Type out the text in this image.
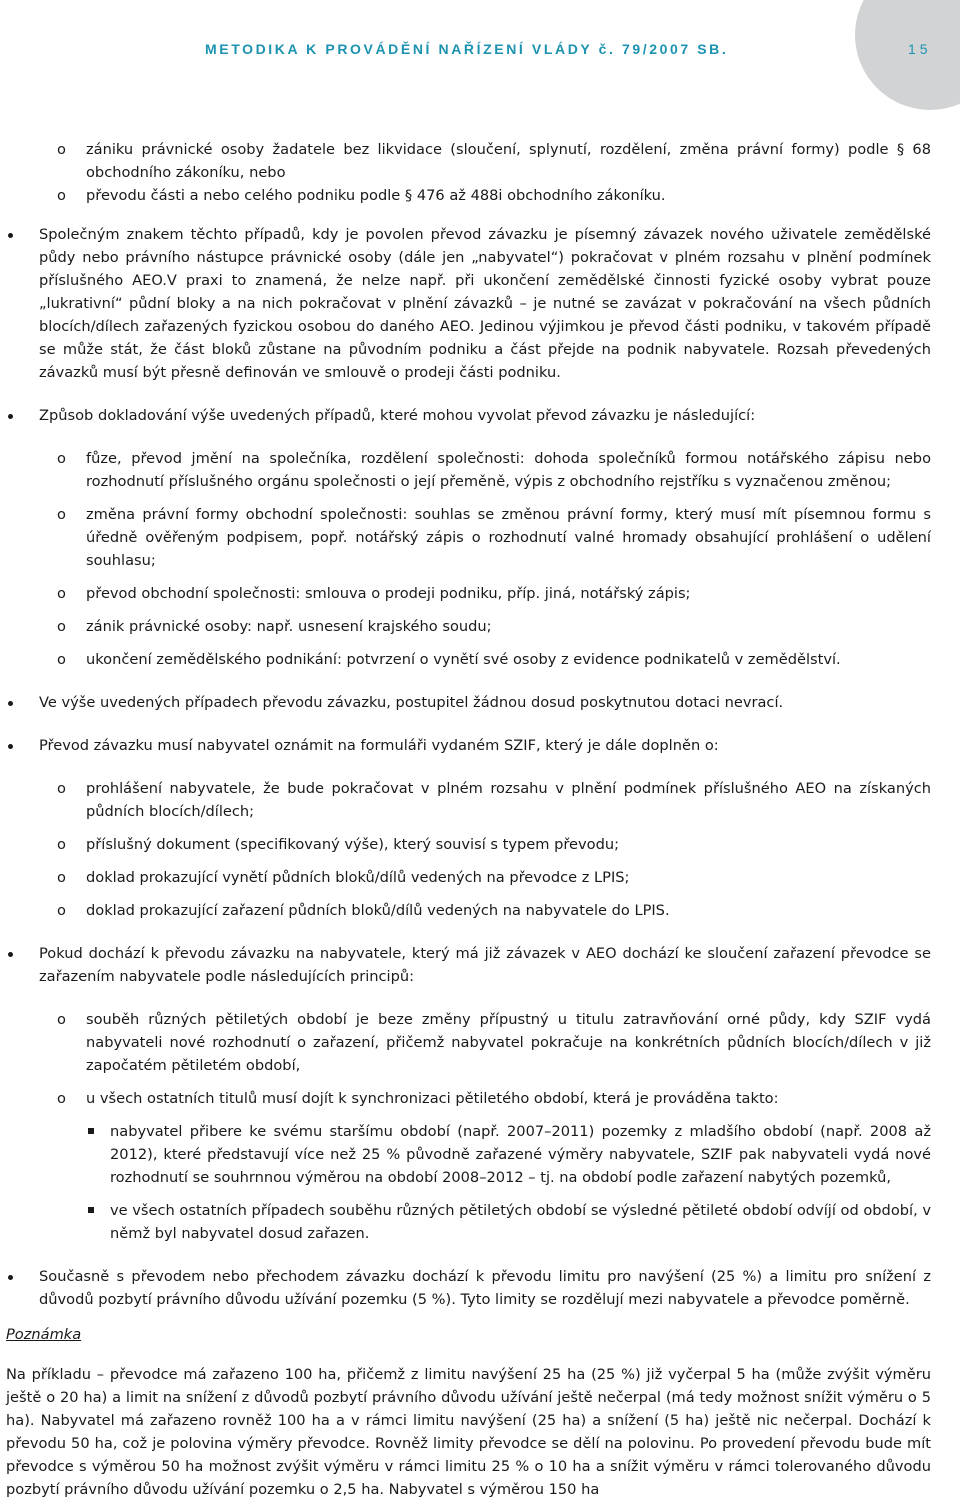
METODIKA K PROVÁDĚNÍ NAŘÍZENÍ VLÁDY č. 79/2007 SB.	15
o zániku právnické osoby žadatele bez likvidace (sloučení, splynutí, rozdělení, změna právní formy) podle § 68 obchodního zákoníku, nebo
o převodu části a nebo celého podniku podle § 476 až 488i obchodního zákoníku.
Společným znakem těchto případů, kdy je povolen převod závazku je písemný závazek nového uživatele zemědělské půdy nebo právního nástupce právnické osoby (dále jen „nabyvatel“) pokračovat v plném rozsahu v plnění podmínek příslušného AEO.V praxi to znamená, že nelze např. při ukončení zemědělské činnosti fyzické osoby vybrat pouze „lukrativní“ půdní bloky a na nich pokračovat v plnění závazků – je nutné se zavázat v pokračování na všech půdních blocích/dílech zařazených fyzickou osobou do daného AEO. Jedinou výjimkou je převod části podniku, v takovém případě se může stát, že část bloků zůstane na původním podniku a část přejde na podnik nabyvatele. Rozsah převedených závazků musí být přesně definován ve smlouvě o prodeji části podniku.
Způsob dokladování výše uvedených případů, které mohou vyvolat převod závazku je následující:
o fůze, převod jmění na společníka, rozdělení společnosti: dohoda společníků formou notářského zápisu nebo rozhodnutí příslušného orgánu společnosti o její přeměně, výpis z obchodního rejstříku s vyznačenou změnou;
o změna právní formy obchodní společnosti: souhlas se změnou právní formy, který musí mít písemnou formu s úředně ověřeným podpisem, popř. notářský zápis o rozhodnutí valné hromady obsahující prohlášení o udělení souhlasu;
o převod obchodní společnosti: smlouva o prodeji podniku, příp. jiná, notářský zápis;
o zánik právnické osoby: např. usnesení krajského soudu;
o ukončení zemědělského podnikání: potvrzení o vynětí své osoby z evidence podnikatelů v zemědělství.
Ve výše uvedených případech převodu závazku, postupitel žádnou dosud poskytnutou dotaci nevrací.
Převod závazku musí nabyvatel oznámit na formuláři vydaném SZIF, který je dále doplněn o:
o prohlášení nabyvatele, že bude pokračovat v plném rozsahu v plnění podmínek příslušného AEO na získaných půdních blocích/dílech;
o příslušný dokument (specifikovaný výše), který souvisí s typem převodu;
o doklad prokazující vynětí půdních bloků/dílů vedených na převodce z LPIS;
o doklad prokazující zařazení půdních bloků/dílů vedených na nabyvatele do LPIS.
Pokud dochází k převodu závazku na nabyvatele, který má již závazek v AEO dochází ke sloučení zařazení převodce se zařazením nabyvatele podle následujících principů:
o souběh různých pětiletých období je beze změny přípustný u titulu zatravňování orné půdy, kdy SZIF vydá nabyvateli nové rozhodnutí o zařazení, přičemž nabyvatel pokračuje na konkrétních půdních blocích/dílech v již započatém pětiletém období,
o u všech ostatních titulů musí dojít k synchronizaci pětiletého období, která je prováděna takto:
nabyvatel přibere ke svému staršímu období (např. 2007–2011) pozemky z mladšího období (např. 2008 až 2012), které představují více než 25 % původně zařazené výměry nabyvatele, SZIF pak nabyvateli vydá nové rozhodnutí se souhrnnou výměrou na období 2008–2012 – tj. na období podle zařazení nabytých pozemků,
ve všech ostatních případech souběhu různých pětiletých období se výsledné pětileté období odvíjí od období, v němž byl nabyvatel dosud zařazen.
Současně s převodem nebo přechodem závazku dochází k převodu limitu pro navýšení (25 %) a limitu pro snížení z důvodů pozbytí právního důvodu užívání pozemku (5 %). Tyto limity se rozdělují mezi nabyvatele a převodce poměrně.
Poznámka
Na příkladu – převodce má zařazeno 100 ha, přičemž z limitu navýšení 25 ha (25 %) již vyčerpal 5 ha (může zvýšit výměru ještě o 20 ha) a limit na snížení z důvodů pozbytí právního důvodu užívání ještě nečerpal (má tedy možnost snížit výměru o 5 ha). Nabyvatel má zařazeno rovněž 100 ha a v rámci limitu navýšení (25 ha) a snížení (5 ha) ještě nic nečerpal. Dochází k převodu 50 ha, což je polovina výměry převodce. Rovněž limity převodce se dělí na polovinu. Po provedení převodu bude mít převodce s výměrou 50 ha možnost zvýšit výměru v rámci limitu 25 % o 10 ha a snížit výměru v rámci tolerovaného důvodu pozbytí právního důvodu užívání pozemku o 2,5 ha. Nabyvatel s výměrou 150 ha
